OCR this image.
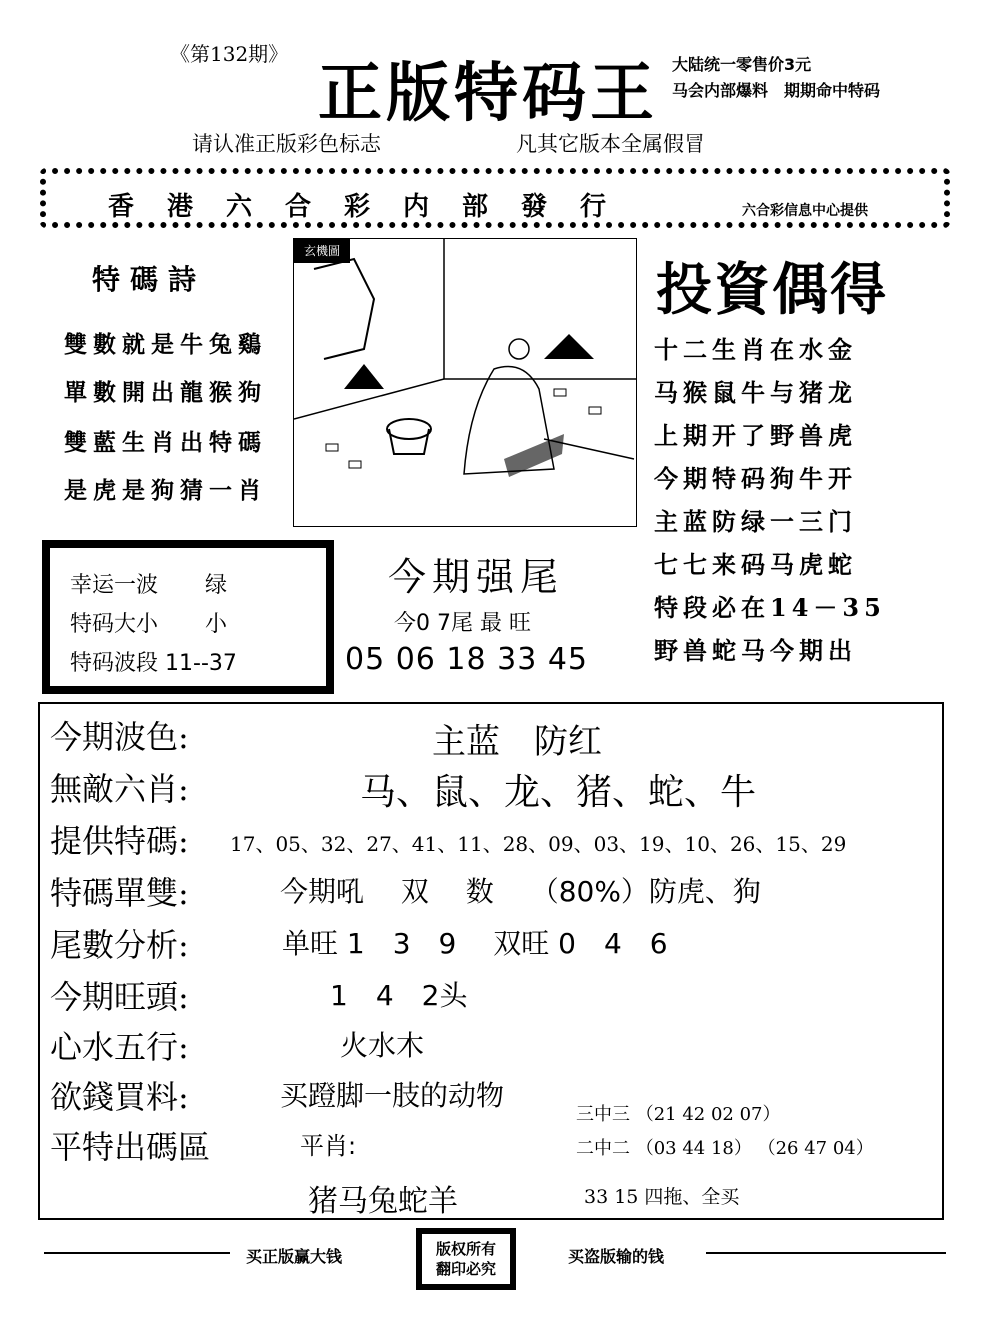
《第132期》
正版特码王 大陆统一零售价3元
马会内部爆料　期期命中特码
请认准正版彩色标志	凡其它版本全属假冒
香港六合彩内部發行	六合彩信息中心提供
特碼詩
雙數就是牛兔鷄
單數開出龍猴狗
雙藍生肖出特碼
是虎是狗猜一肖
玄機圖
投資偶得
十二生肖在水金
马猴鼠牛与猪龙
上期开了野兽虎
今期特码狗牛开
主蓝防绿一三门
七七来码马虎蛇
特段必在14－35
野兽蛇马今期出
幸运一波 绿
特码大小 小
特码波段 11--37
今期强尾
今0 7尾 最 旺
05 06 18 33 45
今期波色:	主蓝　防红
無敵六肖:	马、鼠、龙、猪、蛇、牛
提供特碼: 17、05、32、27、41、11、28、09、03、19、10、26、15、29
特碼單雙:	今期吼　 双　 数　 （80%）防虎、狗
尾數分析:	单旺 1　3　9　 双旺 0　4　6
今期旺頭:	1　4　2头
心水五行:	火水木
欲錢買料:	买蹬脚一肢的动物
平特出碼區	平肖:
三中三 （21 42 02 07）
二中二 （03 44 18） （26 47 04）
猪马兔蛇羊	33 15 四拖、全买
买正版赢大钱	版权所有
翻印必究
买盗版输的钱
